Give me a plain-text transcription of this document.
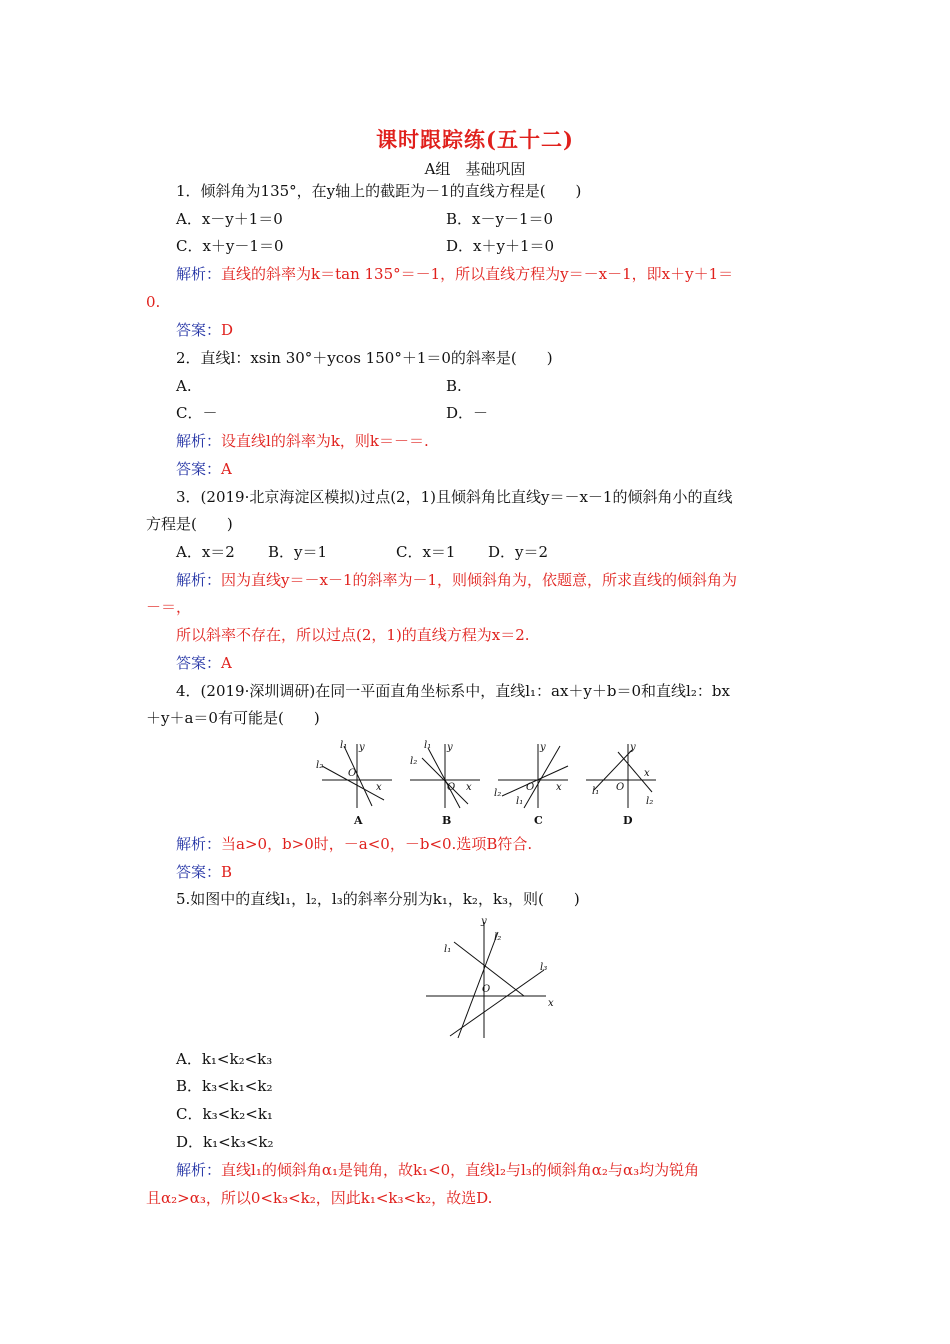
课时跟踪练(五十二)
A组　基础巩固
1．倾斜角为135°，在y轴上的截距为－1的直线方程是(　　)
A．x－y＋1＝0	B．x－y－1＝0
C．x＋y－1＝0	D．x＋y＋1＝0
解析：直线的斜率为k＝tan 135°＝－1，所以直线方程为y＝－x－1，即x＋y＋1＝
0.
答案：D
2．直线l：xsin 30°＋ycos 150°＋1＝0的斜率是(　　)
A.	B.
C．－	D．－
解析：设直线l的斜率为k，则k＝－＝.
答案：A
3．(2019·北京海淀区模拟)过点(2，1)且倾斜角比直线y＝－x－1的倾斜角小的直线
方程是(　　)
A．x＝2 B．y＝1	C．x＝1 D．y＝2
解析：因为直线y＝－x－1的斜率为－1，则倾斜角为，依题意，所求直线的倾斜角为
－＝，
所以斜率不存在，所以过点(2，1)的直线方程为x＝2.
答案：A
4．(2019·深圳调研)在同一平面直角坐标系中，直线l₁：ax＋y＋b＝0和直线l₂：bx
＋y＋a＝0有可能是(　　)
y
O
x
l₁
l₂
y
O x
l₁
l₂
y
O x
l₁
l₂
y
O
x
l₁
l₂
A	B	C	D
解析：当a>0，b>0时，－a<0，－b<0.选项B符合.
答案：B
5.如图中的直线l₁，l₂，l₃的斜率分别为k₁，k₂，k₃，则(　　)
y
x
O
l₁
l₂
l₃
A．k₁<k₂<k₃
B．k₃<k₁<k₂
C．k₃<k₂<k₁
D．k₁<k₃<k₂
解析：直线l₁的倾斜角α₁是钝角，故k₁<0，直线l₂与l₃的倾斜角α₂与α₃均为锐角
且α₂>α₃，所以0<k₃<k₂，因此k₁<k₃<k₂，故选D.
